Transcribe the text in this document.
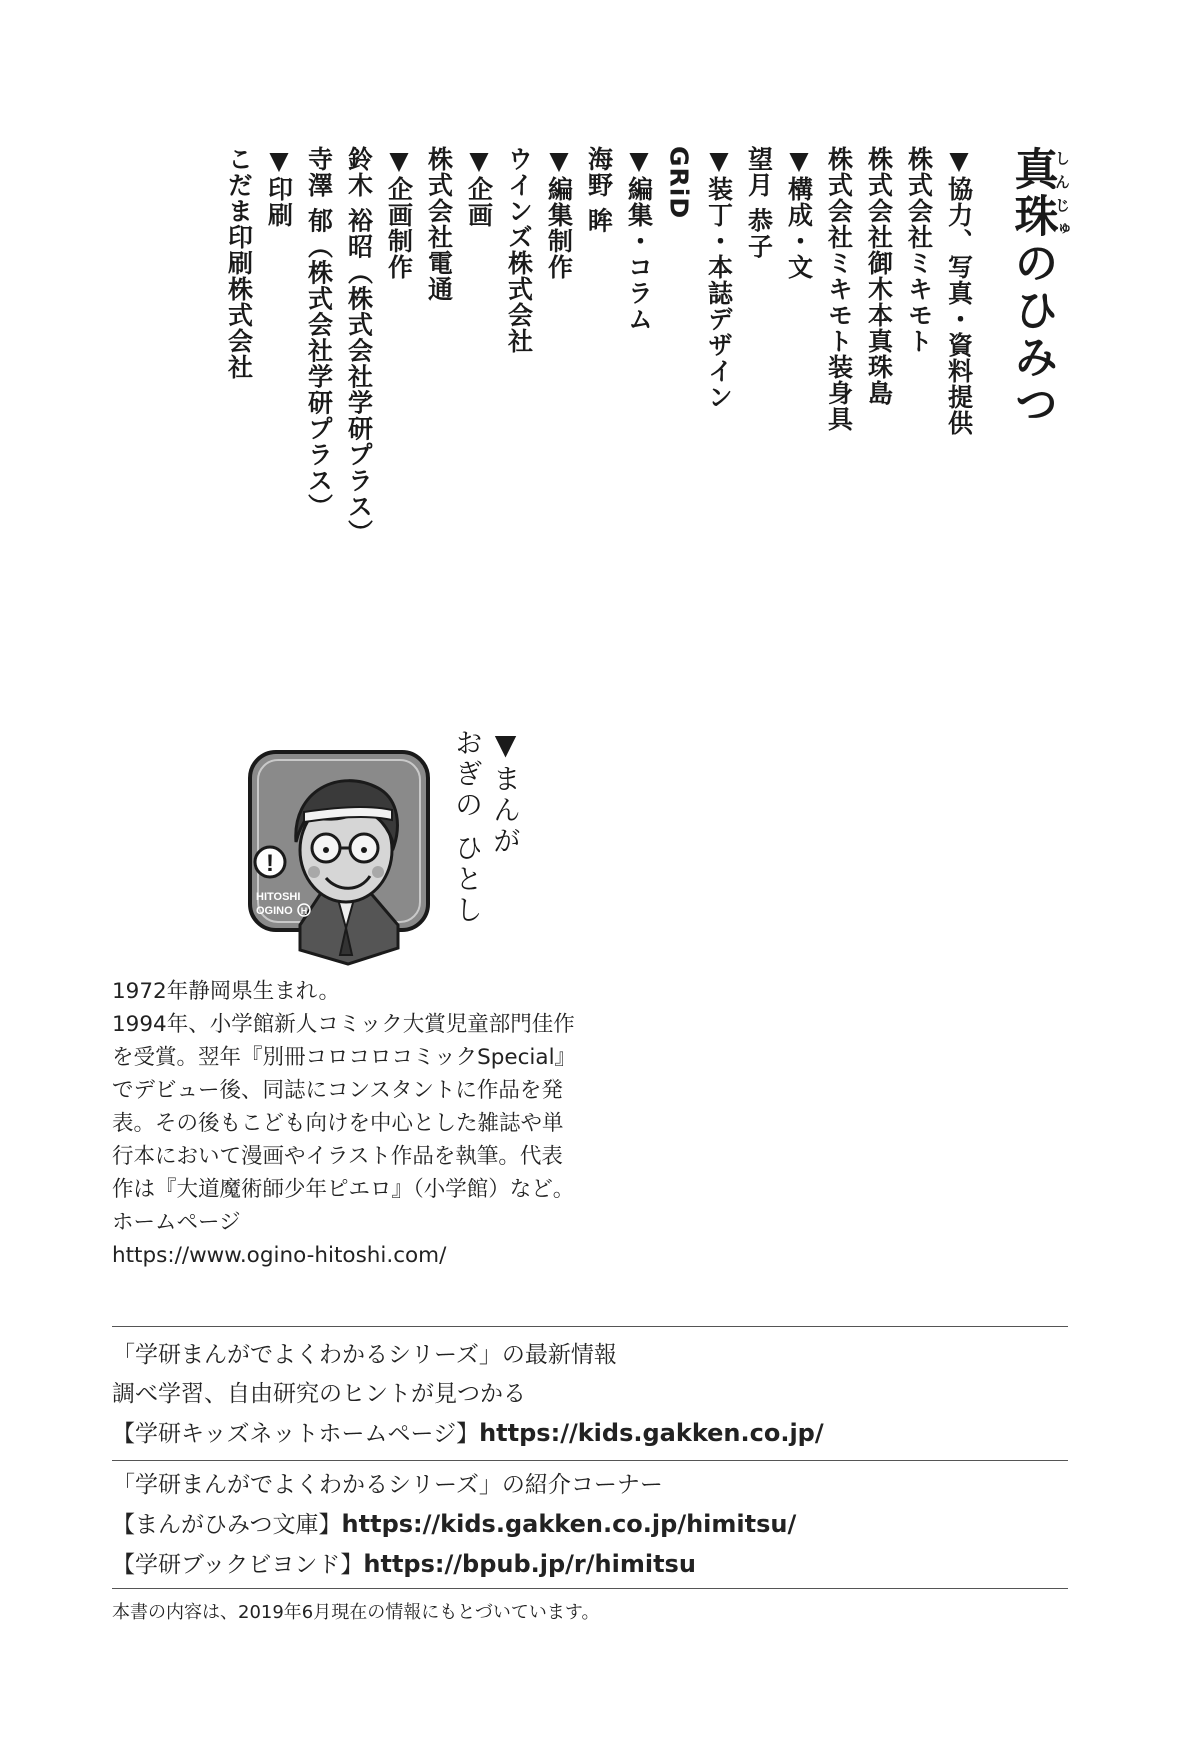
真しん珠じゅのひみつ
▼協力、写真・資料提供
株式会社ミキモト
株式会社御木本真珠島
株式会社ミキモト装身具
▼構成・文
望月 恭子
▼装丁・本誌デザイン
GRiD
▼編集・コラム
海野 眸
▼編集制作
ウインズ株式会社
▼企画
株式会社電通
▼企画制作
鈴木 裕昭（株式会社学研プラス）
寺澤 郁（株式会社学研プラス）
▼印刷
こだま印刷株式会社
▼まんが
おぎの ひとし
!
HITOSHI
OGINO H

1972年静岡県生まれ。

1994年、小学館新人コミック大賞児童部門佳作

を受賞。翌年『別冊コロコロコミックSpecial』

でデビュー後、同誌にコンスタントに作品を発

表。その後もこども向けを中心とした雑誌や単

行本において漫画やイラスト作品を執筆。代表

作は『大道魔術師少年ピエロ』（小学館）など。

ホームページ

https://www.ogino-hitoshi.com/

「学研まんがでよくわかるシリーズ」の最新情報

調べ学習、自由研究のヒントが見つかる

【学研キッズネットホームページ】https://kids.gakken.co.jp/

「学研まんがでよくわかるシリーズ」の紹介コーナー

【まんがひみつ文庫】https://kids.gakken.co.jp/himitsu/

【学研ブックビヨンド】https://bpub.jp/r/himitsu

本書の内容は、2019年6月現在の情報にもとづいています。
